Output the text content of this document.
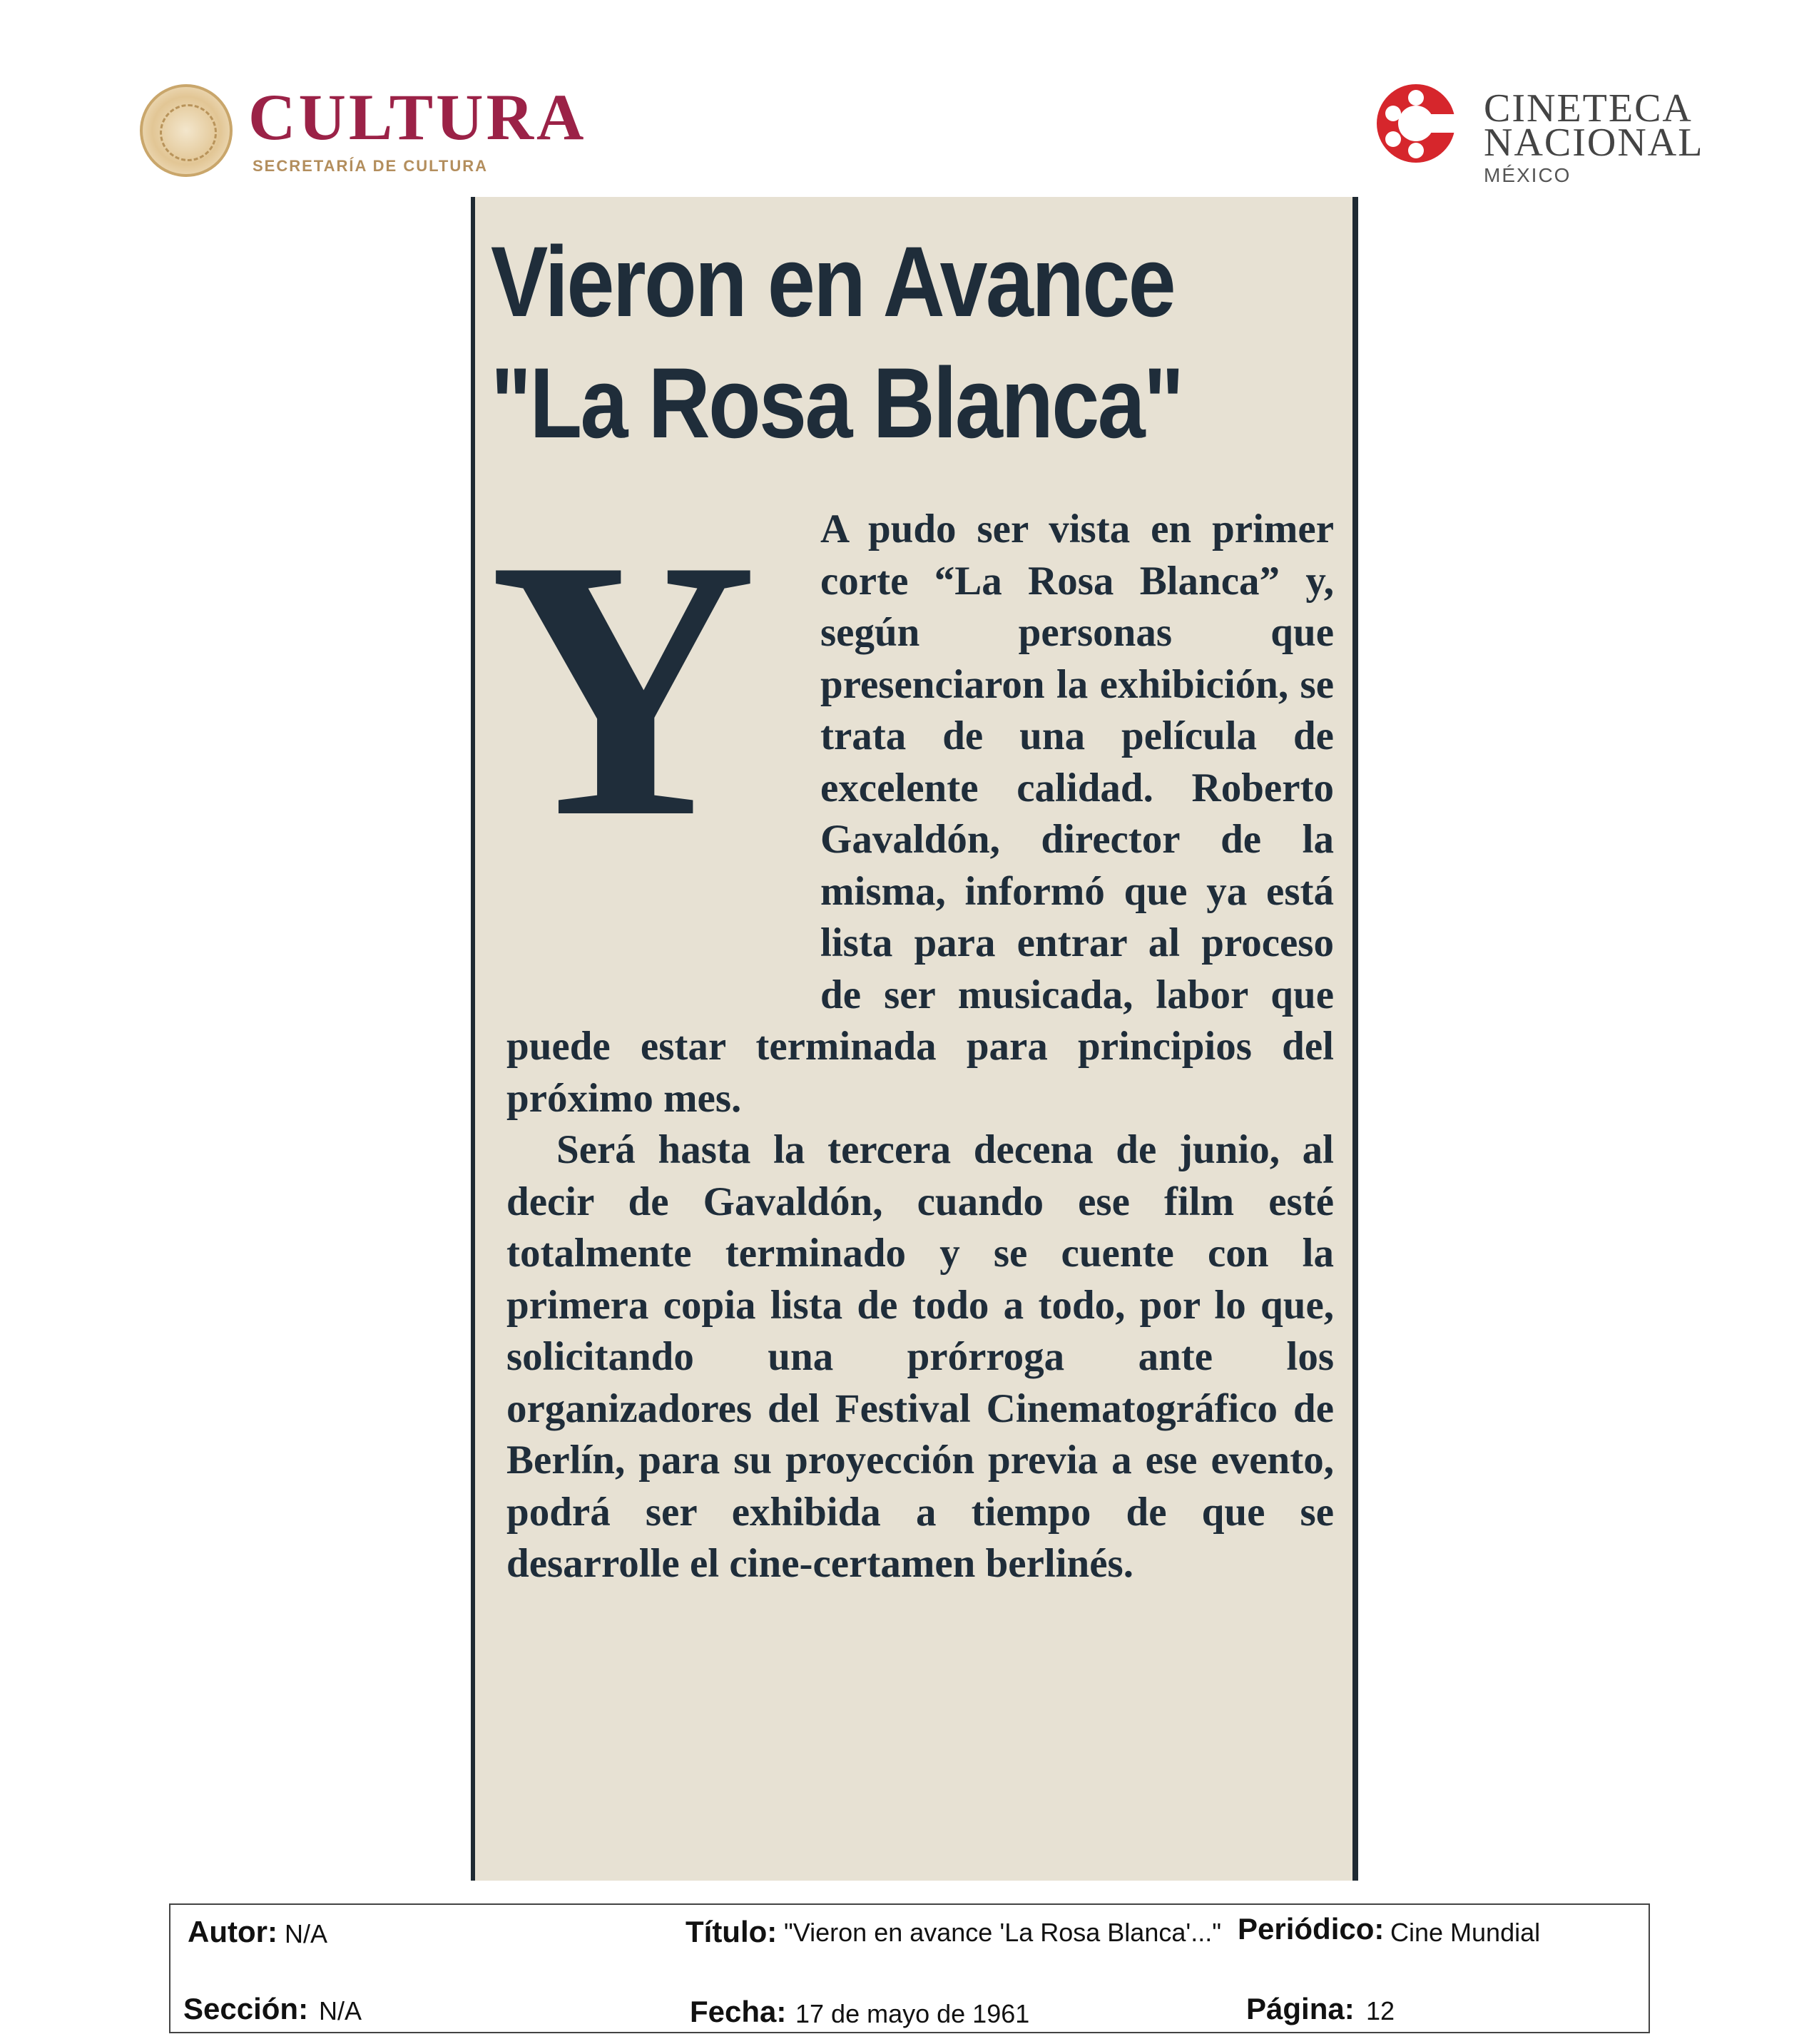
CULTURA
SECRETARÍA DE CULTURA
CINETECA
NACIONAL
MÉXICO
Vieron en Avance
"La Rosa Blanca"
Y	A pudo ser vista en primer corte “La Rosa Blanca” y, según personas que presenciaron la exhibición, se trata de una película de excelente calidad. Roberto Gavaldón, director de la misma, informó que ya está lista para entrar al proceso de ser musicada, labor que puede estar terminada para principios del próximo mes.

Será hasta la tercera decena de junio, al decir de Gavaldón, cuando ese film esté totalmente terminado y se cuente con la primera copia lista de todo a todo, por lo que, solicitando una prórroga ante los organizadores del Festival Cinematográfico de Berlín, para su proyección previa a ese evento, podrá ser exhibida a tiempo de que se desarrolle el cine-certamen berlinés.

Autor: N/A	Título: "Vieron en avance 'La Rosa Blanca'..." Periódico: Cine Mundial
Sección: N/A	Fecha: 17 de mayo de 1961	Página: 12
